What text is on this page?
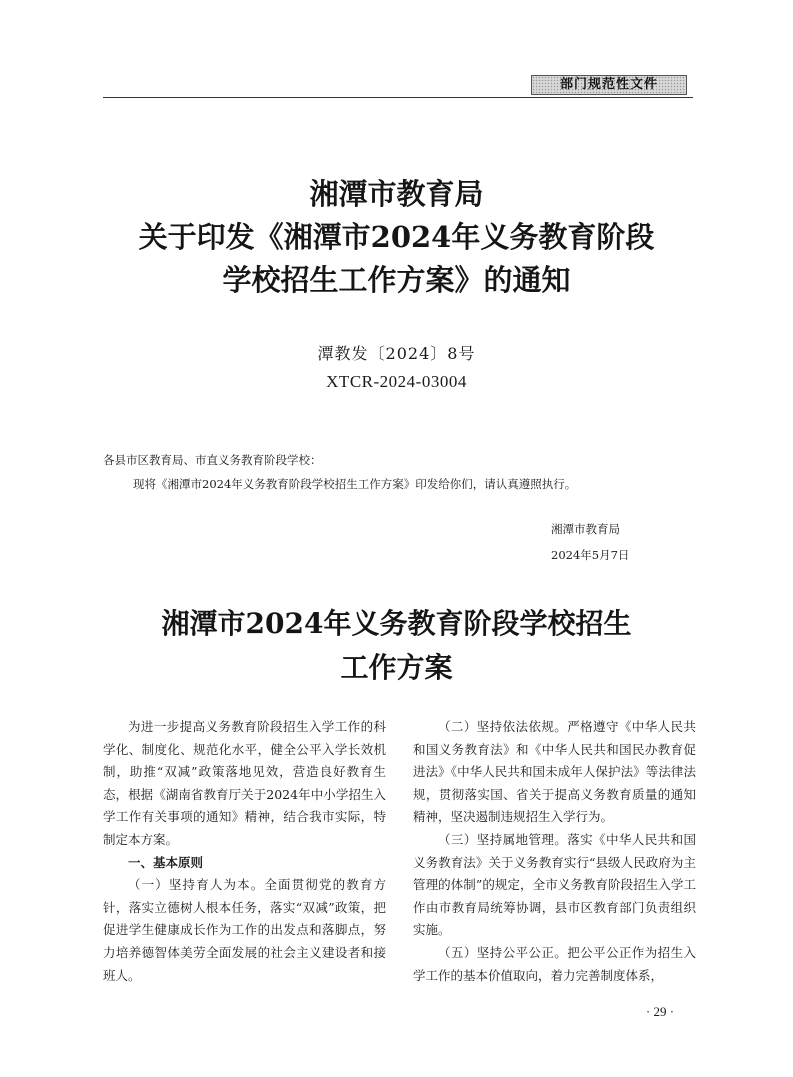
部门规范性文件
湘潭市教育局
关于印发《湘潭市2024年义务教育阶段
学校招生工作方案》的通知
潭教发〔2024〕8号
XTCR-2024-03004
各县市区教育局、市直义务教育阶段学校：
现将《湘潭市2024年义务教育阶段学校招生工作方案》印发给你们，请认真遵照执行。
湘潭市教育局
2024年5月7日
湘潭市2024年义务教育阶段学校招生
工作方案

为进一步提高义务教育阶段招生入学工作的科学化、制度化、规范化水平，健全公平入学长效机制，助推“双减”政策落地见效，营造良好教育生态，根据《湖南省教育厅关于2024年中小学招生入学工作有关事项的通知》精神，结合我市实际，特制定本方案。

一、基本原则

（一）坚持育人为本。全面贯彻党的教育方针，落实立德树人根本任务，落实“双减”政策，把促进学生健康成长作为工作的出发点和落脚点，努力培养德智体美劳全面发展的社会主义建设者和接班人。

（二）坚持依法依规。严格遵守《中华人民共和国义务教育法》和《中华人民共和国民办教育促进法》《中华人民共和国未成年人保护法》等法律法规，贯彻落实国、省关于提高义务教育质量的通知精神，坚决遏制违规招生入学行为。

（三）坚持属地管理。落实《中华人民共和国义务教育法》关于义务教育实行“县级人民政府为主管理的体制”的规定，全市义务教育阶段招生入学工作由市教育局统筹协调，县市区教育部门负责组织实施。

（五）坚持公平公正。把公平公正作为招生入学工作的基本价值取向，着力完善制度体系，

· 29 ·
